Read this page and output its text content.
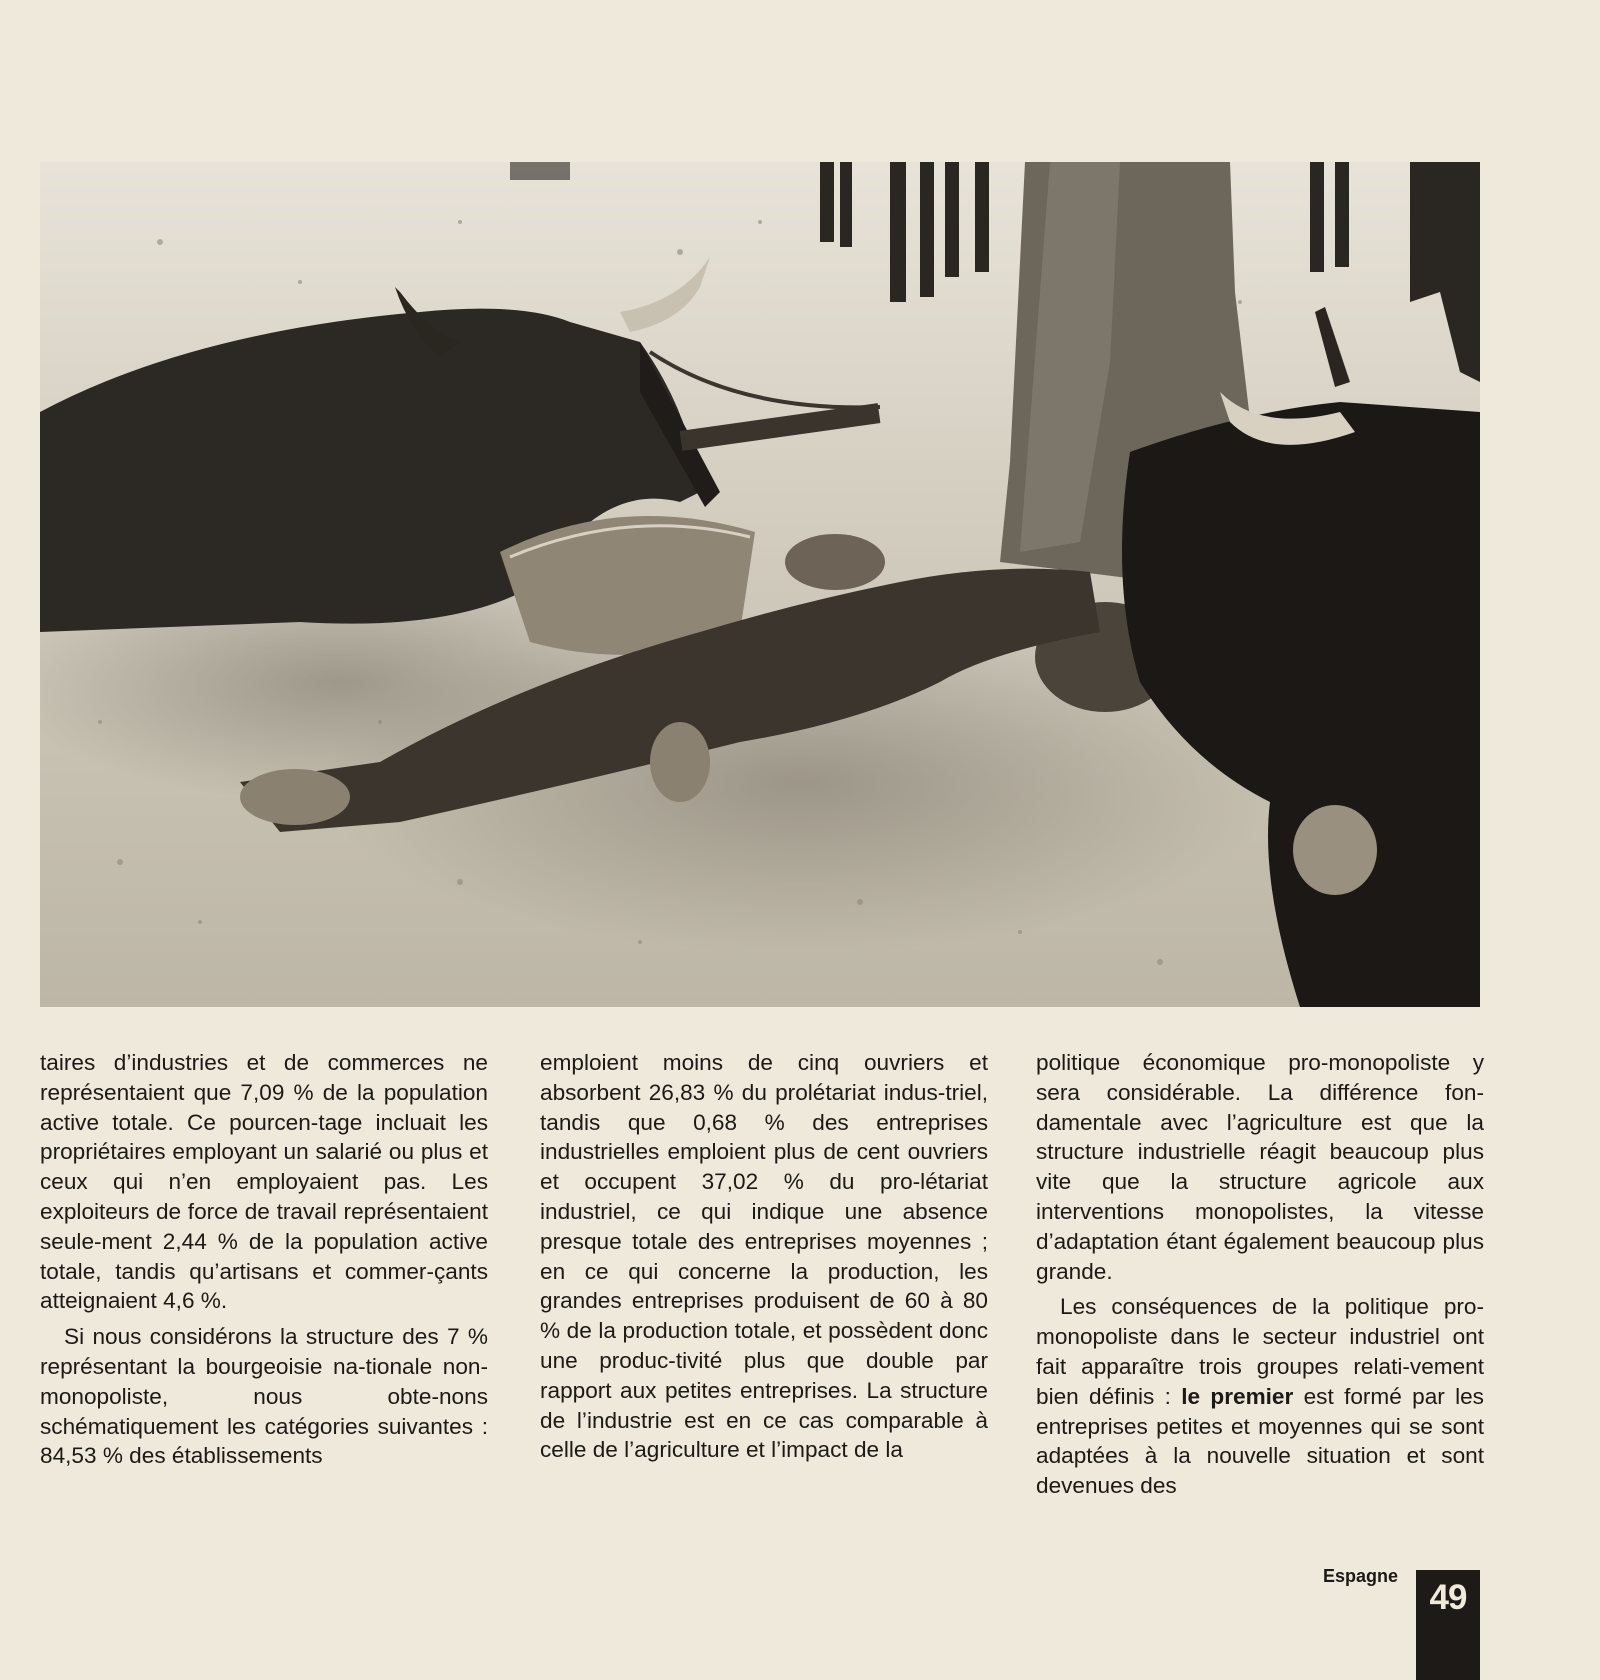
taires d’industries et de commerces ne représentaient que 7,09 % de la population active totale. Ce pourcen-tage incluait les propriétaires employant un salarié ou plus et ceux qui n’en employaient pas. Les exploiteurs de force de travail représentaient seule-ment 2,44 % de la population active totale, tandis qu’artisans et commer-çants atteignaient 4,6 %.

Si nous considérons la structure des 7 % représentant la bourgeoisie na-tionale non-monopoliste, nous obte-nons schématiquement les catégories suivantes : 84,53 % des établissements

emploient moins de cinq ouvriers et absorbent 26,83 % du prolétariat indus-triel, tandis que 0,68 % des entreprises industrielles emploient plus de cent ouvriers et occupent 37,02 % du pro-létariat industriel, ce qui indique une absence presque totale des entreprises moyennes ; en ce qui concerne la production, les grandes entreprises produisent de 60 à 80 % de la production totale, et possèdent donc une produc-tivité plus que double par rapport aux petites entreprises. La structure de l’industrie est en ce cas comparable à celle de l’agriculture et l’impact de la

politique économique pro-monopoliste y sera considérable. La différence fon-damentale avec l’agriculture est que la structure industrielle réagit beaucoup plus vite que la structure agricole aux interventions monopolistes, la vitesse d’adaptation étant également beaucoup plus grande.

Les conséquences de la politique pro-monopoliste dans le secteur industriel ont fait apparaître trois groupes relati-vement bien définis : le premier est formé par les entreprises petites et moyennes qui se sont adaptées à la nouvelle situation et sont devenues des

Espagne
49
